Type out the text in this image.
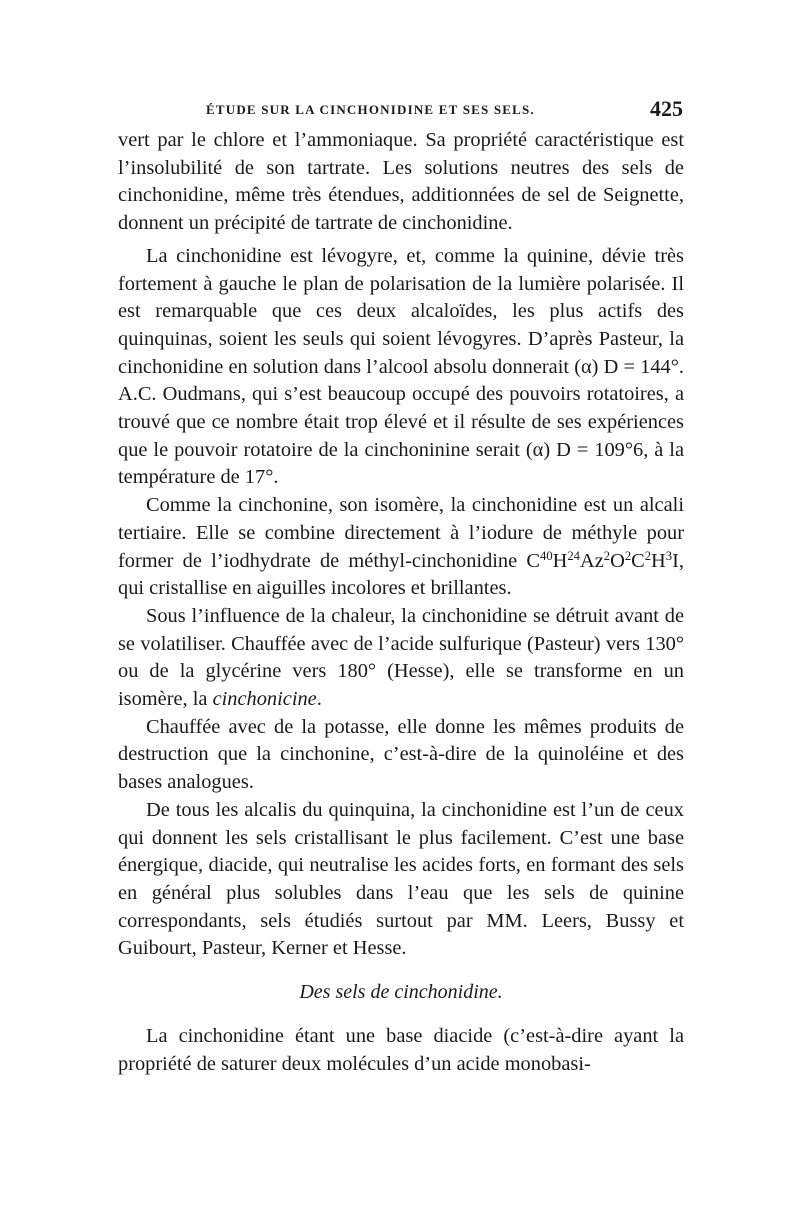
ÉTUDE SUR LA CINCHONIDINE ET SES SELS.	425

vert par le chlore et l’ammoniaque. Sa propriété caractéristique est l’insolubilité de son tartrate. Les solutions neutres des sels de cinchonidine, même très étendues, additionnées de sel de Seignette, donnent un précipité de tartrate de cinchonidine.

La cinchonidine est lévogyre, et, comme la quinine, dévie très fortement à gauche le plan de polarisation de la lumière polarisée. Il est remarquable que ces deux alcaloïdes, les plus actifs des quinquinas, soient les seuls qui soient lévogyres. D’après Pasteur, la cinchonidine en solution dans l’alcool absolu donnerait (α) D = 144°. A.C. Oudmans, qui s’est beaucoup occupé des pouvoirs rotatoires, a trouvé que ce nombre était trop élevé et il résulte de ses expériences que le pouvoir rotatoire de la cinchoninine serait (α) D = 109°6, à la température de 17°.

Comme la cinchonine, son isomère, la cinchonidine est un alcali tertiaire. Elle se combine directement à l’iodure de méthyle pour former de l’iodhydrate de méthyl-cinchonidine $C^{40}H^{24}Az^2O^2C^2H^3I$, qui cristallise en aiguilles incolores et brillantes.

Sous l’influence de la chaleur, la cinchonidine se détruit avant de se volatiliser. Chauffée avec de l’acide sulfurique (Pasteur) vers 130° ou de la glycérine vers 180° (Hesse), elle se transforme en un isomère, la cinchonicine.

Chauffée avec de la potasse, elle donne les mêmes produits de destruction que la cinchonine, c’est-à-dire de la quinoléine et des bases analogues.

De tous les alcalis du quinquina, la cinchonidine est l’un de ceux qui donnent les sels cristallisant le plus facilement. C’est une base énergique, diacide, qui neutralise les acides forts, en formant des sels en général plus solubles dans l’eau que les sels de quinine correspondants, sels étudiés surtout par MM. Leers, Bussy et Guibourt, Pasteur, Kerner et Hesse.

Des sels de cinchonidine.

La cinchonidine étant une base diacide (c’est-à-dire ayant la propriété de saturer deux molécules d’un acide monobasi-
